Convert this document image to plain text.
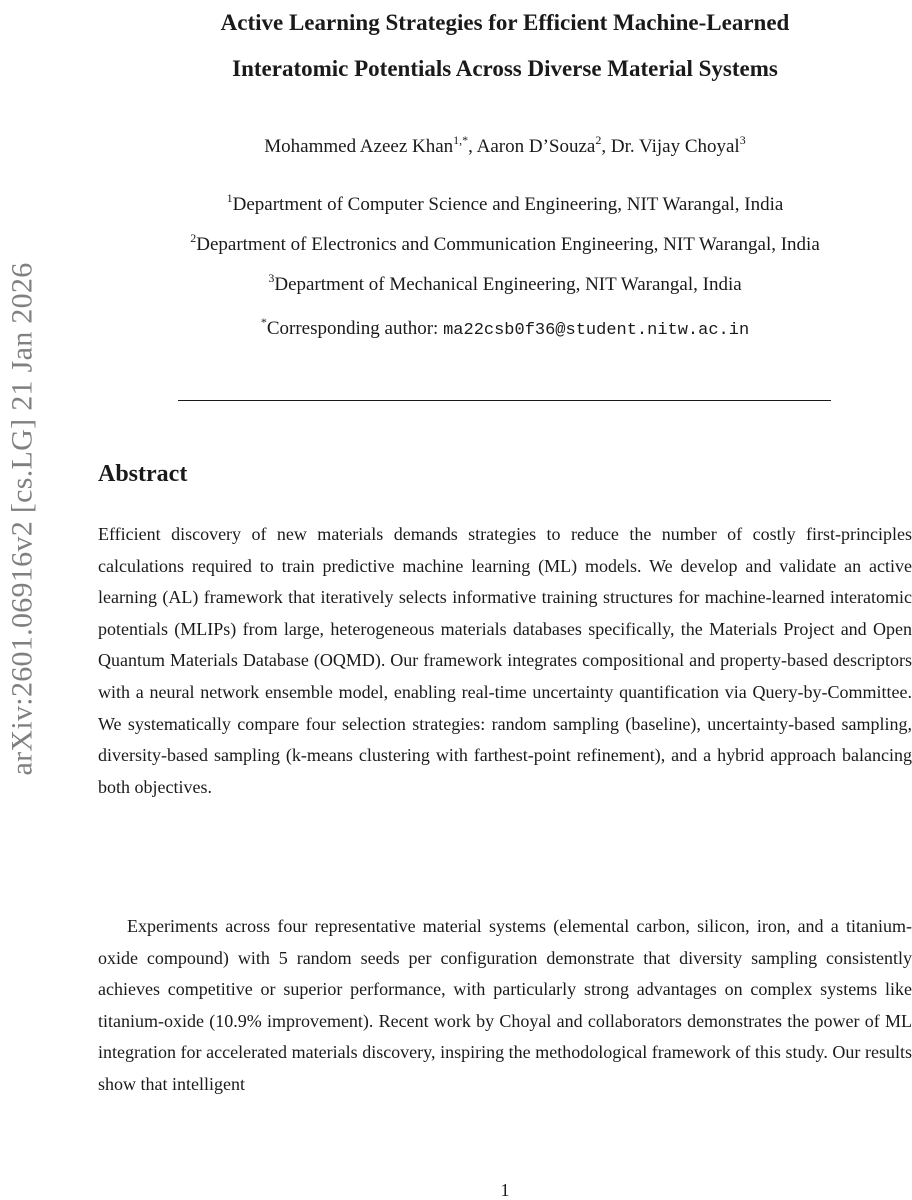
arXiv:2601.06916v2 [cs.LG] 21 Jan 2026
Active Learning Strategies for Efficient Machine-Learned
Interatomic Potentials Across Diverse Material Systems
Mohammed Azeez Khan$^{1,*}$, Aaron D’Souza$^2$, Dr. Vijay Choyal$^3$
$^1$Department of Computer Science and Engineering, NIT Warangal, India
$^2$Department of Electronics and Communication Engineering, NIT Warangal, India
$^3$Department of Mechanical Engineering, NIT Warangal, India
*Corresponding author: ma22csb0f36@student.nitw.ac.in
Abstract

Efficient discovery of new materials demands strategies to reduce the number of costly first-principles calculations required to train predictive machine learning (ML) models. We develop and validate an active learning (AL) framework that iteratively selects informative training structures for machine-learned interatomic potentials (MLIPs) from large, heterogeneous materials databases specifically, the Materials Project and Open Quantum Materials Database (OQMD). Our framework integrates compositional and property-based descriptors with a neural network ensemble model, enabling real-time uncertainty quantification via Query-by-Committee. We systematically compare four selection strategies: random sampling (baseline), uncertainty-based sampling, diversity-based sampling (k-means clustering with farthest-point refinement), and a hybrid approach balancing both objectives.

Experiments across four representative material systems (elemental carbon, silicon, iron, and a titanium-oxide compound) with 5 random seeds per configuration demonstrate that diversity sampling consistently achieves competitive or superior performance, with particularly strong advantages on complex systems like titanium-oxide (10.9% improvement). Recent work by Choyal and collaborators demonstrates the power of ML integration for accelerated materials discovery, inspiring the methodological framework of this study. Our results show that intelligent

1
